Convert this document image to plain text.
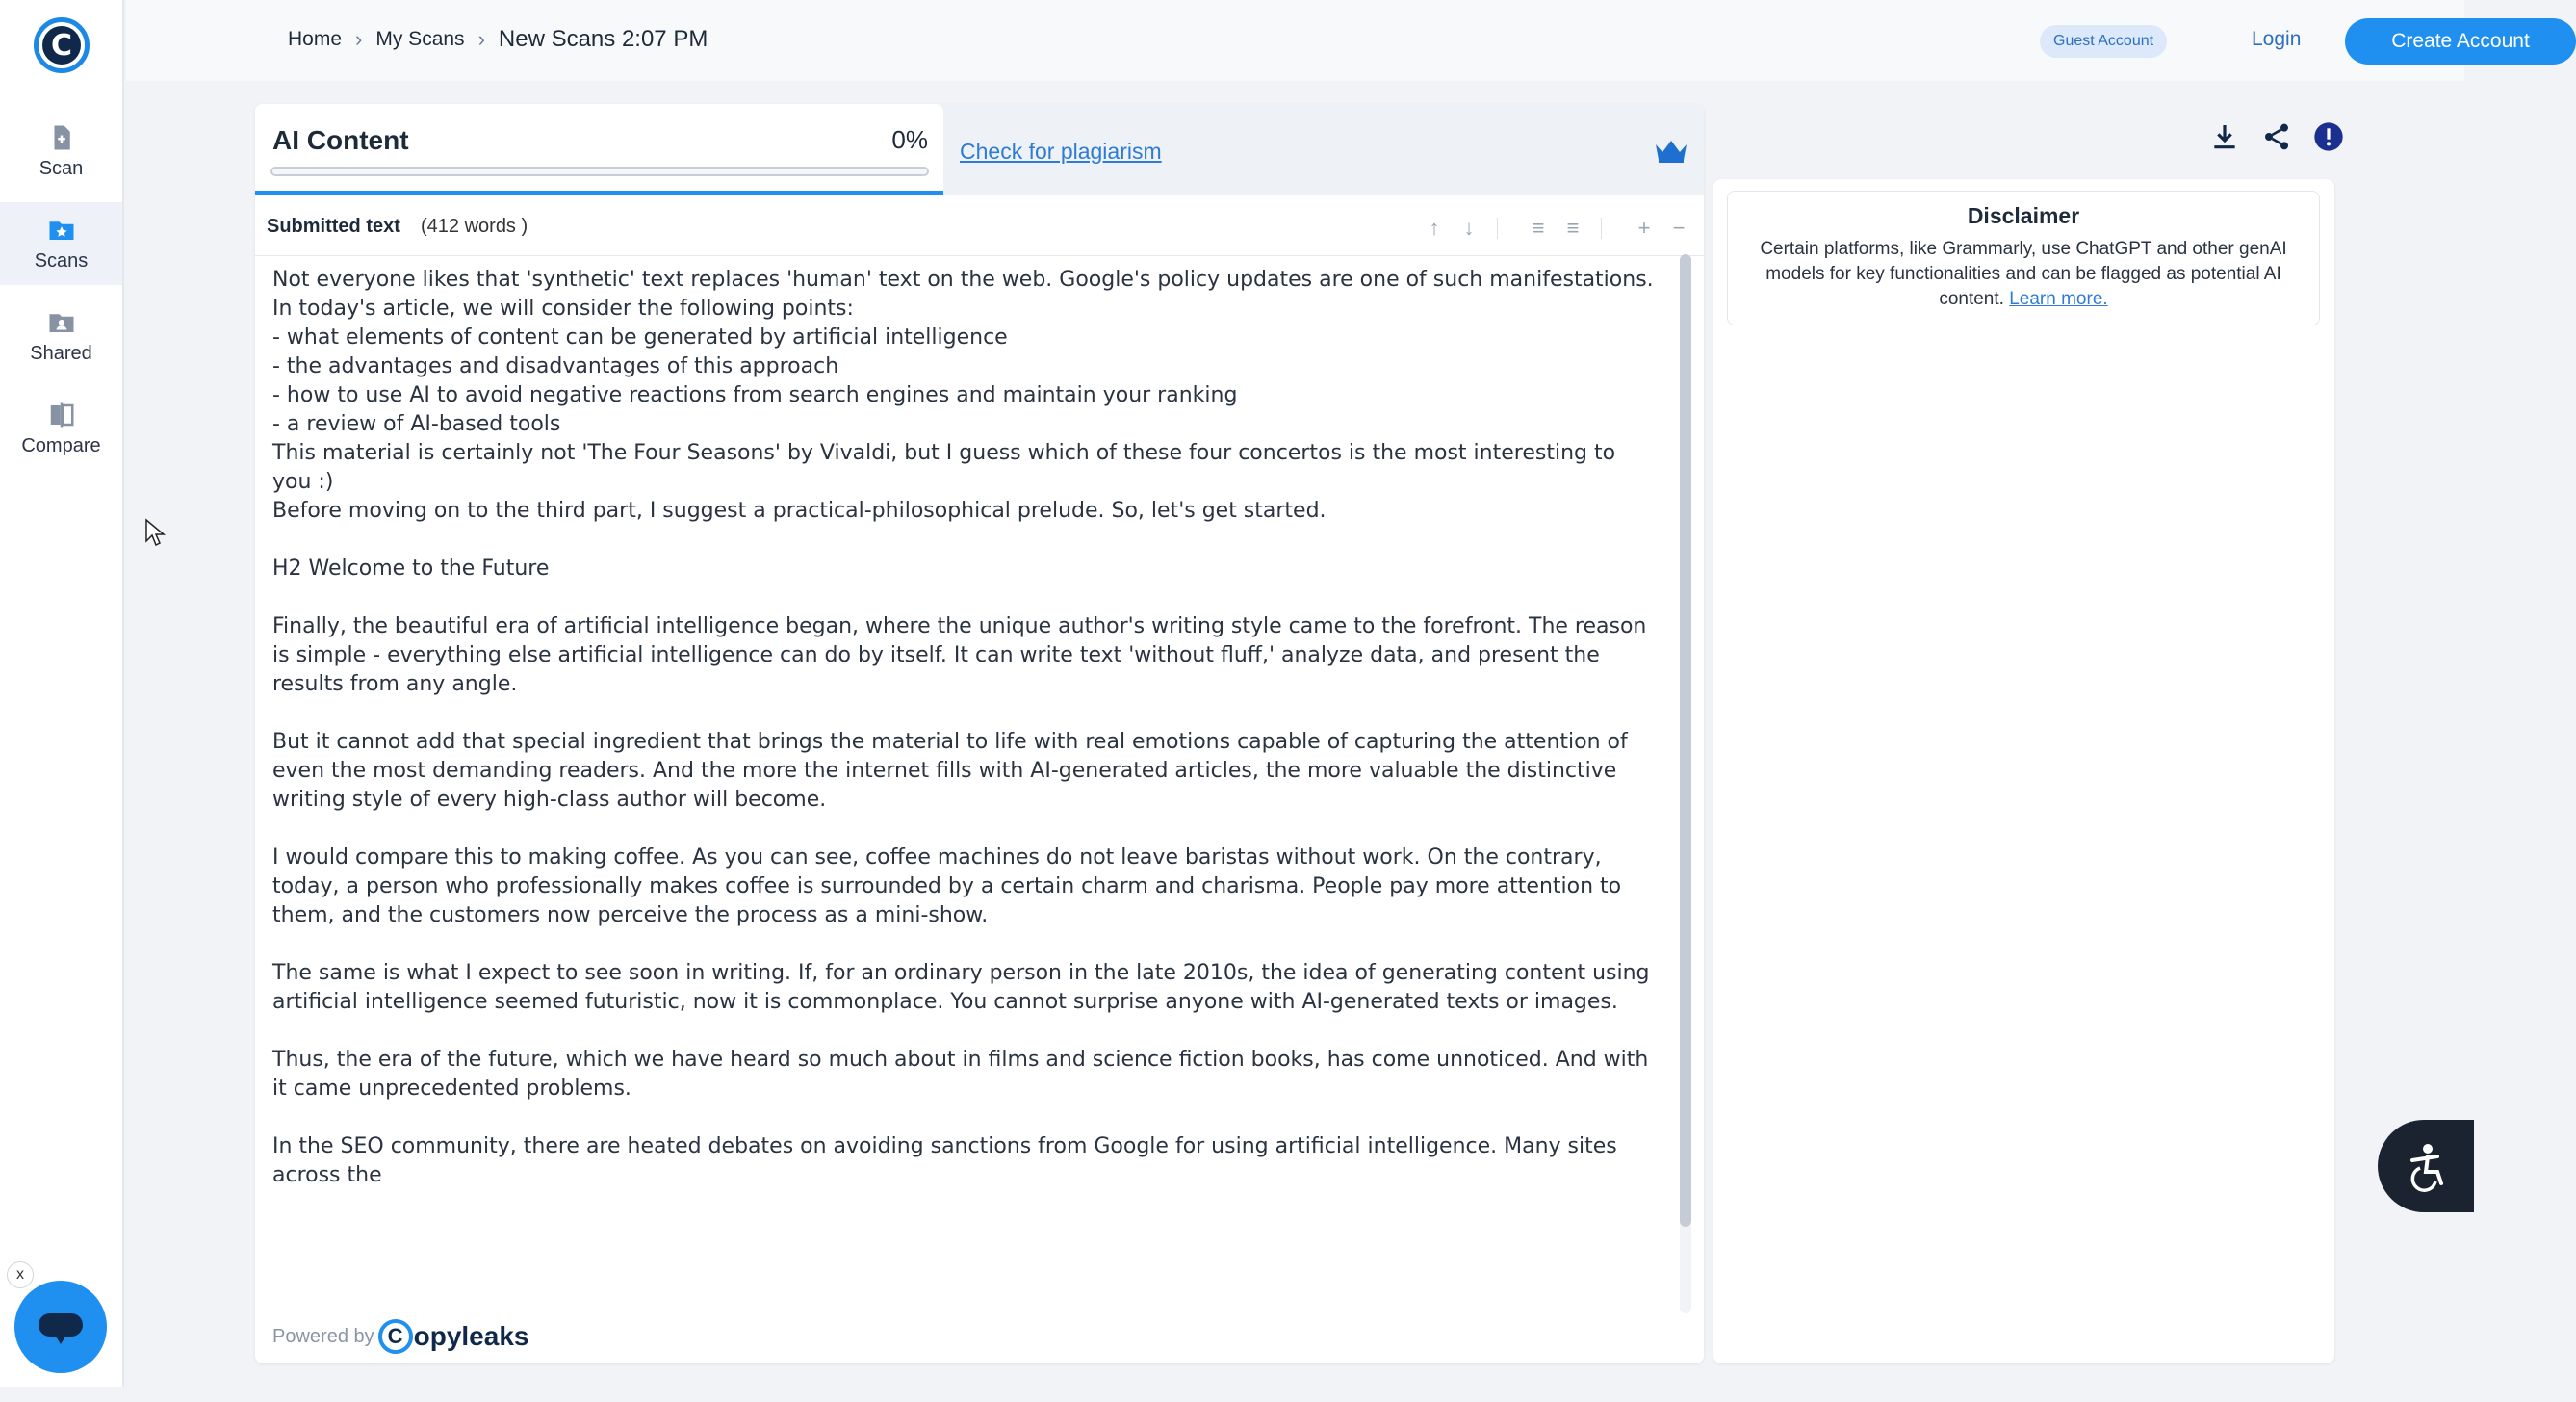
C
Scan
Scans
Shared
Compare
x
Home › My Scans › New Scans 2:07 PM	Guest Account	Login	Create Account
AI Content	0% Check for plagiarism
Submitted text (412 words )	↑	↓	≡ ≡	+ −

Not everyone likes that 'synthetic' text replaces 'human' text on the web. Google's policy updates are one of such manifestations.
In today's article, we will consider the following points:
- what elements of content can be generated by artificial intelligence
- the advantages and disadvantages of this approach
- how to use AI to avoid negative reactions from search engines and maintain your ranking
- a review of AI-based tools
This material is certainly not 'The Four Seasons' by Vivaldi, but I guess which of these four concertos is the most interesting to you :)
Before moving on to the third part, I suggest a practical-philosophical prelude. So, let's get started.

H2 Welcome to the Future

Finally, the beautiful era of artificial intelligence began, where the unique author's writing style came to the forefront. The reason is simple - everything else artificial intelligence can do by itself. It can write text 'without fluff,' analyze data, and present the results from any angle.

But it cannot add that special ingredient that brings the material to life with real emotions capable of capturing the attention of even the most demanding readers. And the more the internet fills with AI-generated articles, the more valuable the distinctive writing style of every high-class author will become.

I would compare this to making coffee. As you can see, coffee machines do not leave baristas without work. On the contrary, today, a person who professionally makes coffee is surrounded by a certain charm and charisma. People pay more attention to them, and the customers now perceive the process as a mini-show.

The same is what I expect to see soon in writing. If, for an ordinary person in the late 2010s, the idea of generating content using artificial intelligence seemed futuristic, now it is commonplace. You cannot surprise anyone with AI-generated texts or images.

Thus, the era of the future, which we have heard so much about in films and science fiction books, has come unnoticed. And with it came unprecedented problems.

In the SEO community, there are heated debates on avoiding sanctions from Google for using artificial intelligence. Many sites across the

Powered by C opyleaks
Disclaimer

Certain platforms, like Grammarly, use ChatGPT and other genAI models for key functionalities and can be flagged as potential AI content. Learn more.
